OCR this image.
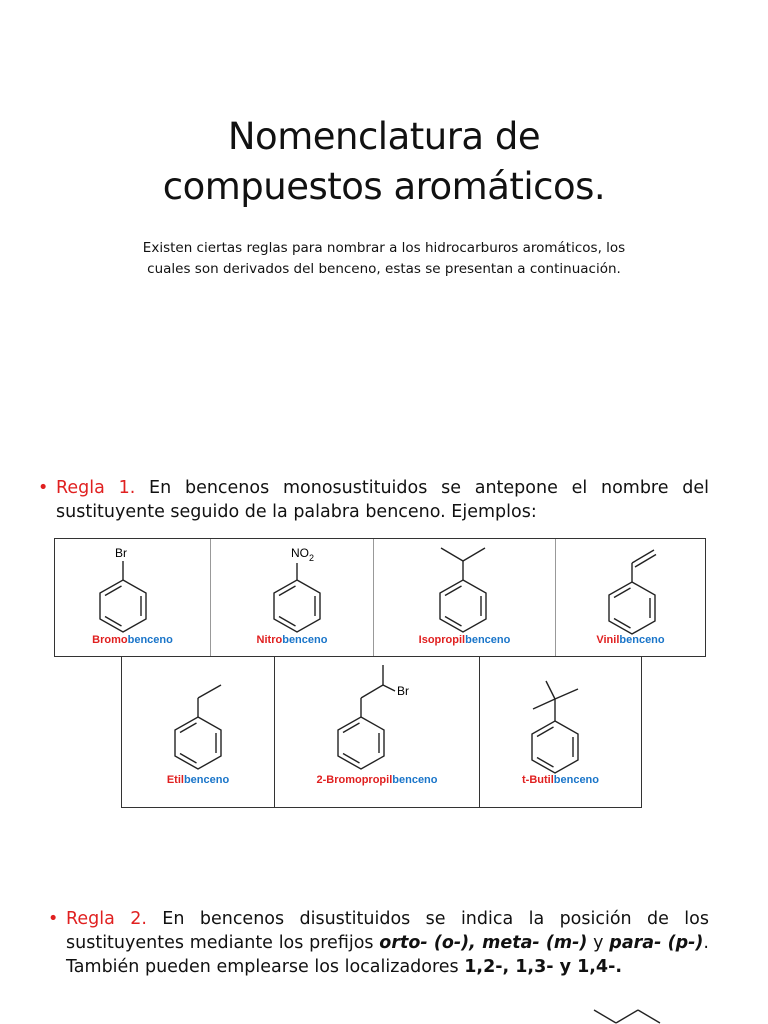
Nomenclatura de
compuestos aromáticos.
Existen ciertas reglas para nombrar a los hidrocarburos aromáticos, los
cuales son derivados del benceno, estas se presentan a continuación.
• Regla 1. En bencenos monosustituidos se antepone el nombre del sustituyente seguido de la palabra benceno. Ejemplos:
Br
Bromobenceno
$NO_2$
Nitrobenceno	Isopropilbenceno	Vinilbenceno
Etilbenceno
Br
2-Bromopropilbenceno	t-Butilbenceno
• Regla 2. En bencenos disustituidos se indica la posición de los sustituyentes mediante los prefijos orto- (o-), meta- (m-) y para- (p-). También pueden emplearse los localizadores 1,2-, 1,3- y 1,4-.
